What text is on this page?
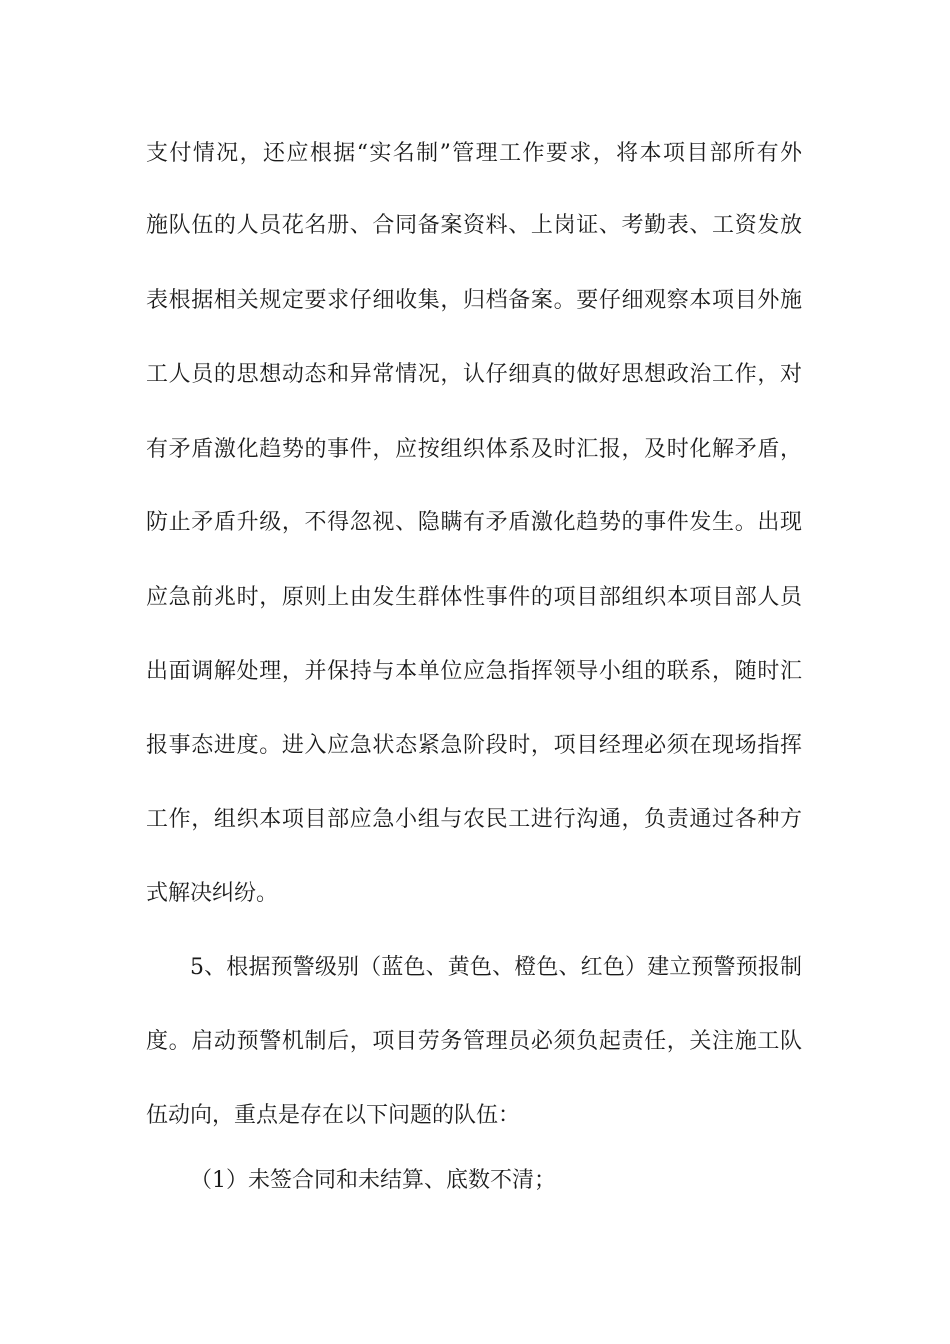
支付情况，还应根据“实名制”管理工作要求，将本项目部所有外

施队伍的人员花名册、合同备案资料、上岗证、考勤表、工资发放

表根据相关规定要求仔细收集，归档备案。要仔细观察本项目外施

工人员的思想动态和异常情况，认仔细真的做好思想政治工作，对

有矛盾激化趋势的事件，应按组织体系及时汇报，及时化解矛盾，

防止矛盾升级，不得忽视、隐瞒有矛盾激化趋势的事件发生。出现

应急前兆时，原则上由发生群体性事件的项目部组织本项目部人员

出面调解处理，并保持与本单位应急指挥领导小组的联系，随时汇

报事态进度。进入应急状态紧急阶段时，项目经理必须在现场指挥

工作，组织本项目部应急小组与农民工进行沟通，负责通过各种方

式解决纠纷。

5、根据预警级别（蓝色、黄色、橙色、红色）建立预警预报制

度。启动预警机制后，项目劳务管理员必须负起责任，关注施工队

伍动向，重点是存在以下问题的队伍：

（1）未签合同和未结算、底数不清；
